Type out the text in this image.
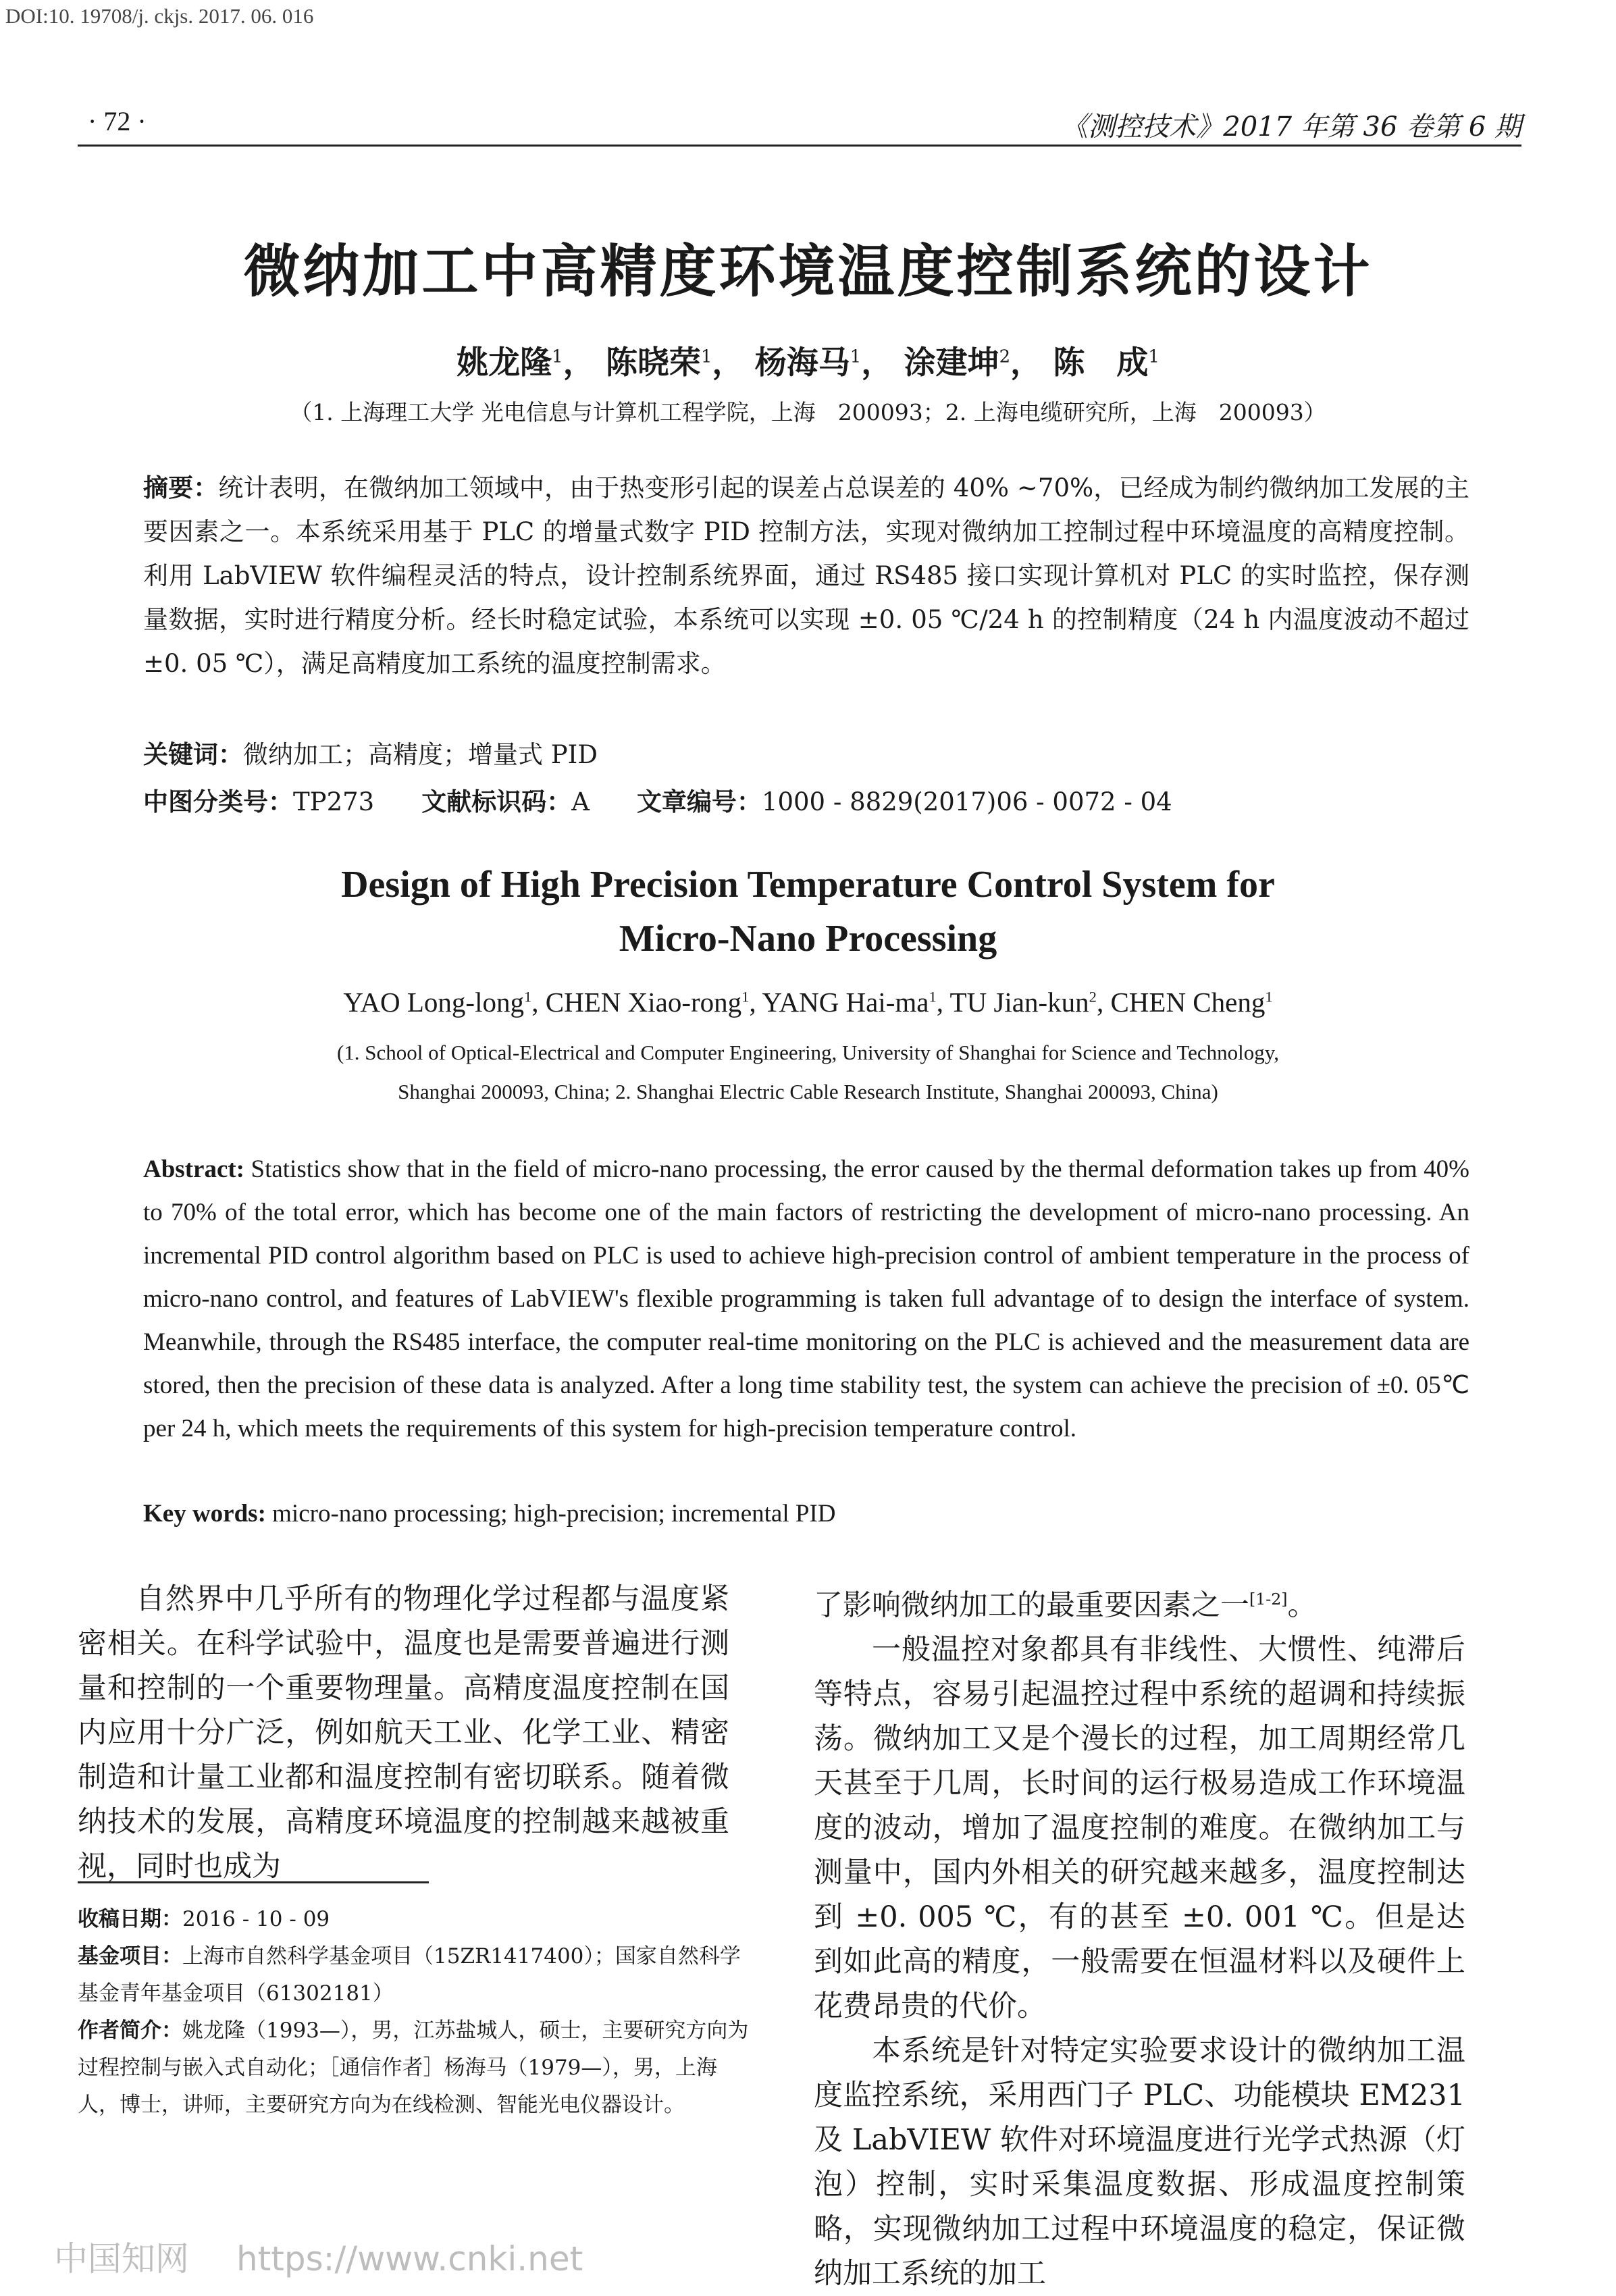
DOI:10. 19708/j. ckjs. 2017. 06. 016
· 72 ·	《测控技术》2017 年第 36 卷第 6 期
微纳加工中高精度环境温度控制系统的设计
姚龙隆$^1$， 陈晓荣$^1$， 杨海马$^1$， 涂建坤$^2$， 陈　成$^1$
（1. 上海理工大学 光电信息与计算机工程学院，上海　200093；2. 上海电缆研究所，上海　200093）
摘要：统计表明，在微纳加工领域中，由于热变形引起的误差占总误差的 40% ~70%，已经成为制约微纳加工发展的主要因素之一。本系统采用基于 PLC 的增量式数字 PID 控制方法，实现对微纳加工控制过程中环境温度的高精度控制。利用 LabVIEW 软件编程灵活的特点，设计控制系统界面，通过 RS485 接口实现计算机对 PLC 的实时监控，保存测量数据，实时进行精度分析。经长时稳定试验，本系统可以实现 ±0. 05 ℃/24 h 的控制精度（24 h 内温度波动不超过 ±0. 05 ℃），满足高精度加工系统的温度控制需求。
关键词：微纳加工；高精度；增量式 PID
中图分类号：TP273 文献标识码：A 文章编号：1000 - 8829(2017)06 - 0072 - 04
Design of High Precision Temperature Control System for
Micro-Nano Processing
YAO Long-long$^1$, CHEN Xiao-rong$^1$, YANG Hai-$ma^1$, TU Jian-kun$^2$, CHEN Cheng$^1$
(1. School of Optical-Electrical and Computer Engineering, University of Shanghai for Science and Technology,
Shanghai 200093, China; 2. Shanghai Electric Cable Research Institute, Shanghai 200093, China)
Abstract: Statistics show that in the field of micro-nano processing, the error caused by the thermal deformation takes up from 40% to 70% of the total error, which has become one of the main factors of restricting the development of micro-nano processing. An incremental PID control algorithm based on PLC is used to achieve high-precision control of ambient temperature in the process of micro-nano control, and features of LabVIEW's flexible programming is taken full advantage of to design the interface of system. Meanwhile, through the RS485 interface, the computer real-time monitoring on the PLC is achieved and the measurement data are stored, then the precision of these data is analyzed. After a long time stability test, the system can achieve the precision of ±0. 05℃ per 24 h, which meets the requirements of this system for high-precision temperature control.
Key words: micro-nano processing; high-precision; incremental PID

自然界中几乎所有的物理化学过程都与温度紧密相关。在科学试验中，温度也是需要普遍进行测量和控制的一个重要物理量。高精度温度控制在国内应用十分广泛，例如航天工业、化学工业、精密制造和计量工业都和温度控制有密切联系。随着微纳技术的发展，高精度环境温度的控制越来越被重视，同时也成为

了影响微纳加工的最重要因素之一[1-2]。

一般温控对象都具有非线性、大惯性、纯滞后等特点，容易引起温控过程中系统的超调和持续振荡。微纳加工又是个漫长的过程，加工周期经常几天甚至于几周，长时间的运行极易造成工作环境温度的波动，增加了温度控制的难度。在微纳加工与测量中，国内外相关的研究越来越多，温度控制达到 ±0. 005 ℃，有的甚至 ±0. 001 ℃。但是达到如此高的精度，一般需要在恒温材料以及硬件上花费昂贵的代价。

本系统是针对特定实验要求设计的微纳加工温度监控系统，采用西门子 PLC、功能模块 EM231 及 LabVIEW 软件对环境温度进行光学式热源（灯泡）控制，实时采集温度数据、形成温度控制策略，实现微纳加工过程中环境温度的稳定，保证微纳加工系统的加工

收稿日期：2016 - 10 - 09

基金项目：上海市自然科学基金项目（15ZR1417400）；国家自然科学基金青年基金项目（61302181）

作者简介：姚龙隆（1993—），男，江苏盐城人，硕士，主要研究方向为过程控制与嵌入式自动化；［通信作者］杨海马（1979—），男，上海人，博士，讲师，主要研究方向为在线检测、智能光电仪器设计。

中国知网 https://www.cnki.net
